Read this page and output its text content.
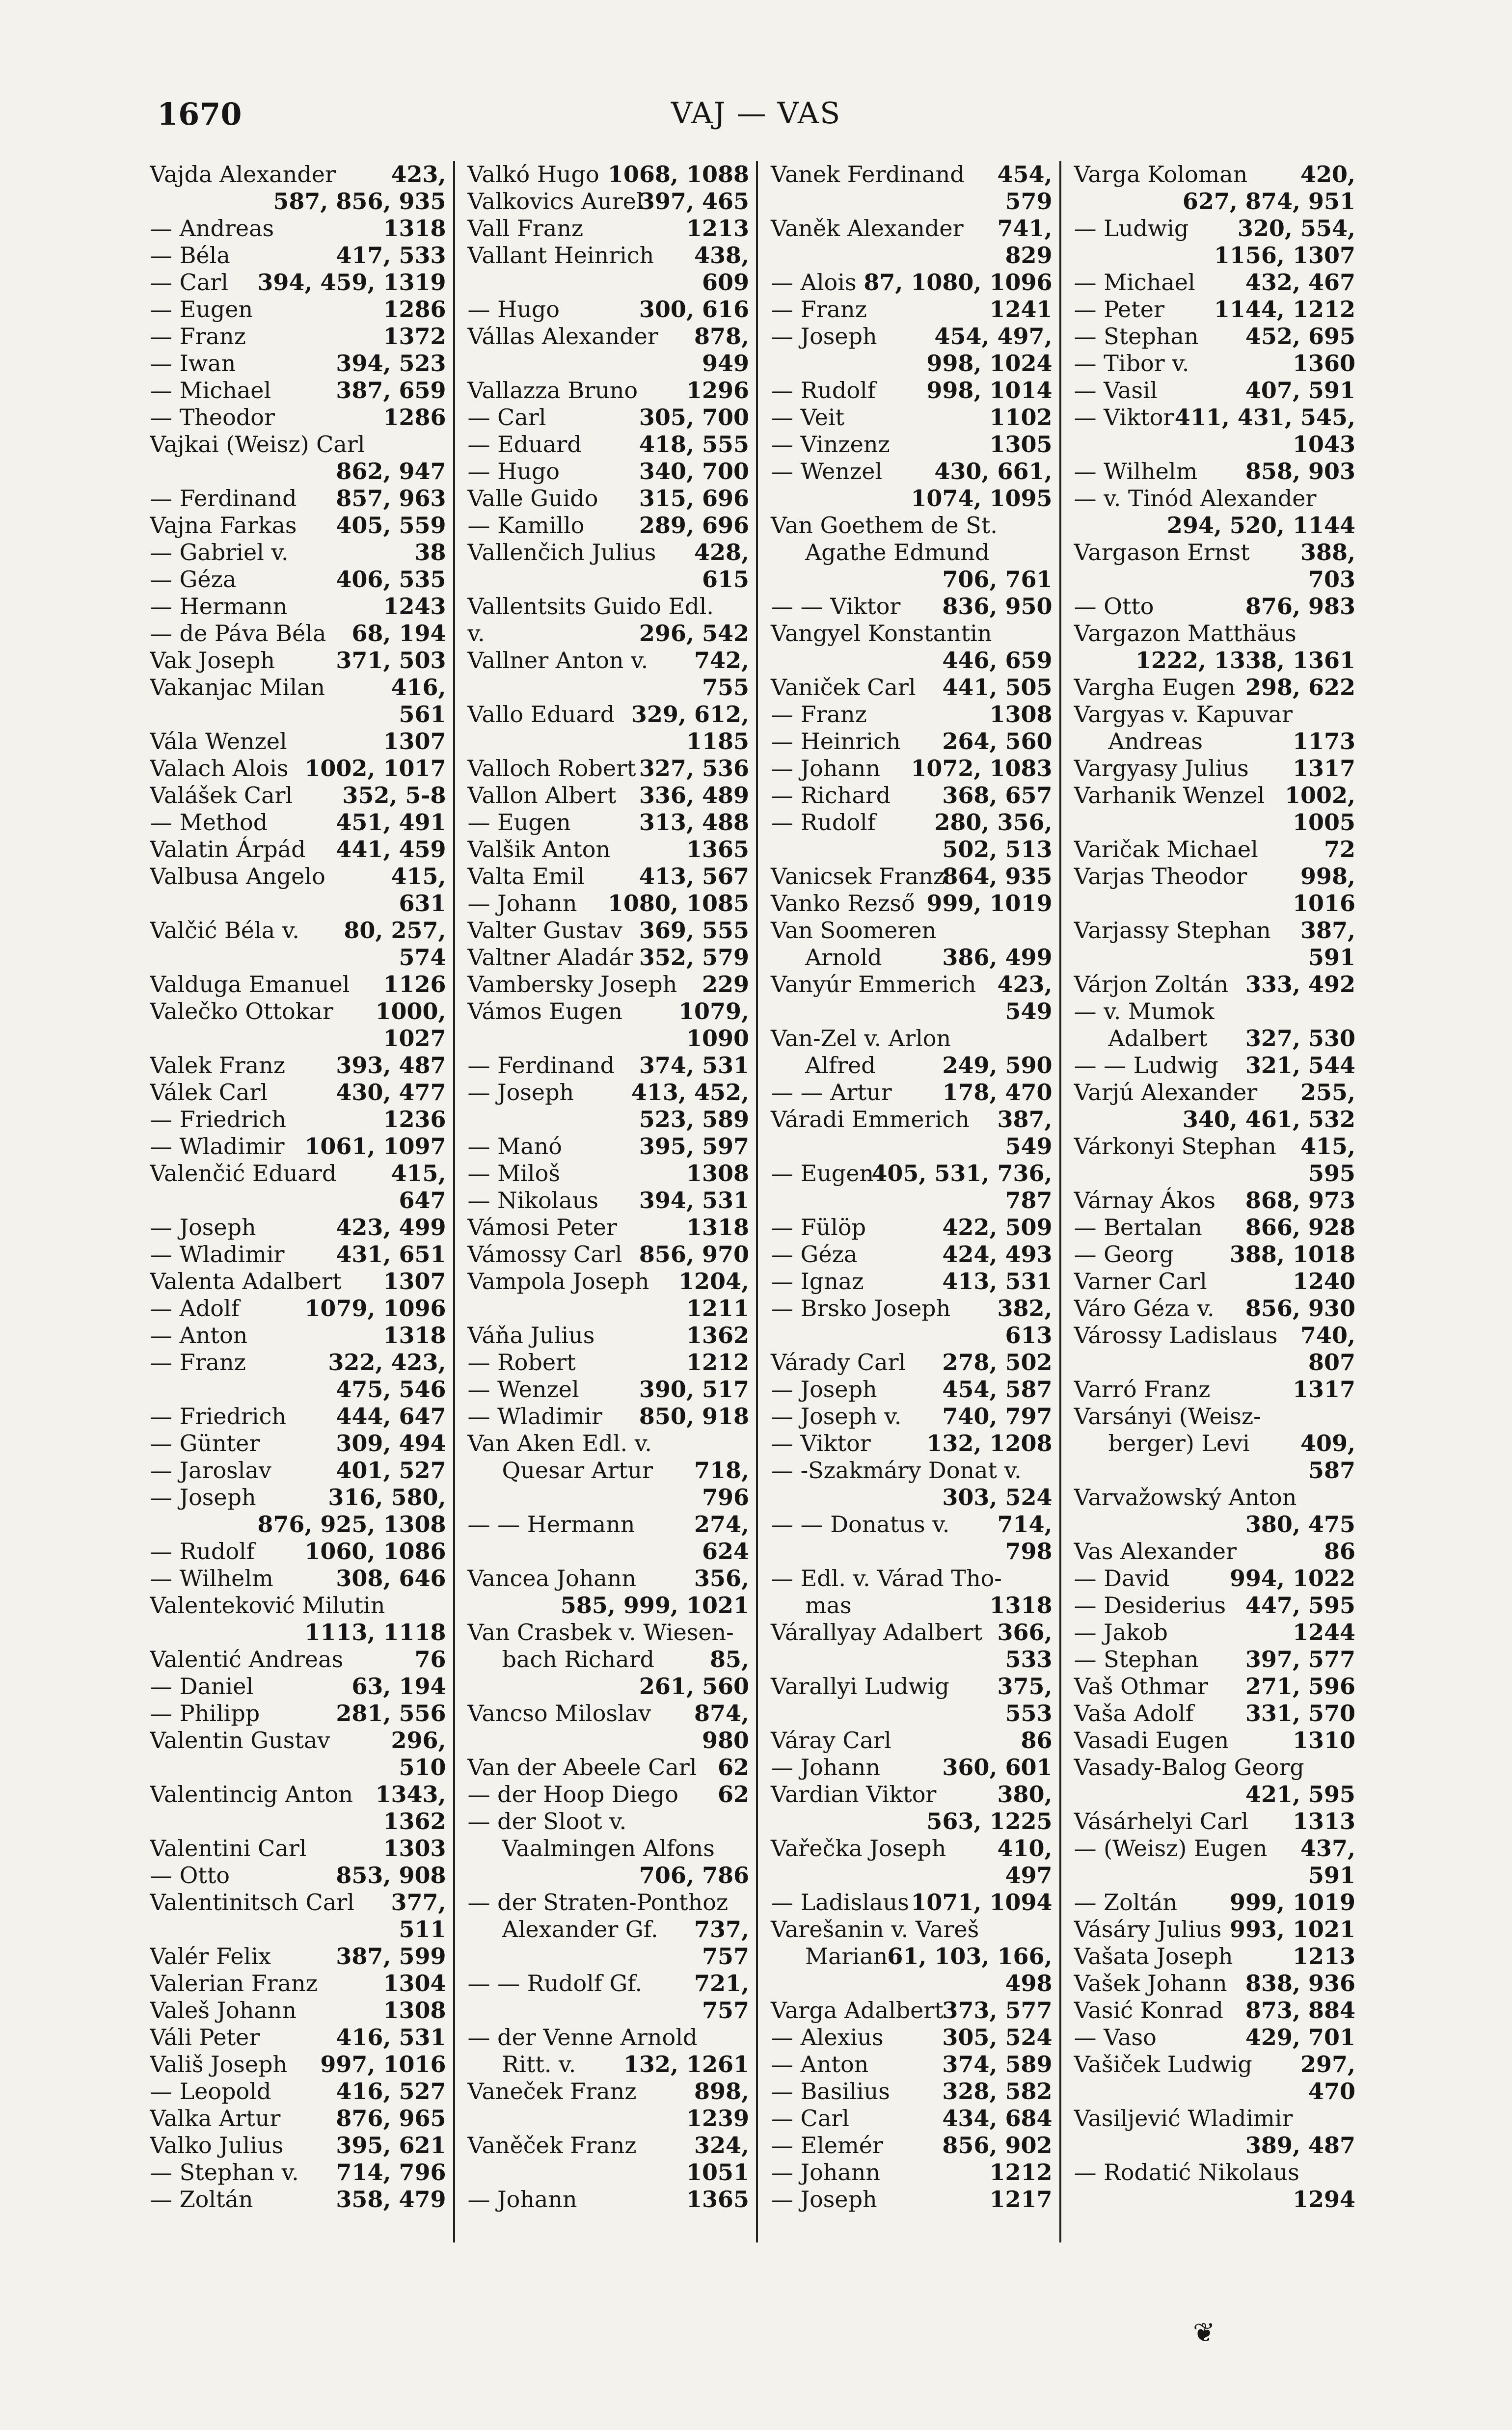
1670	VAJ — VAS
423,
Vajda Alexander
587, 856, 935
1318
— Andreas
417, 533
— Béla
394, 459, 1319
— Carl
1286
— Eugen
1372
— Franz
394, 523
— Iwan
387, 659
— Michael
1286
— Theodor
Vajkai (Weisz) Carl
862, 947
857, 963
— Ferdinand
405, 559
Vajna Farkas
38
— Gabriel v.
406, 535
— Géza
1243
— Hermann
68, 194
— de Páva Béla
371, 503
Vak Joseph
416,
Vakanjac Milan
561
1307
Vála Wenzel
1002, 1017
Valach Alois
352, 5‑8
Valášek Carl
451, 491
— Method
441, 459
Valatin Árpád
415,
Valbusa Angelo
631
80, 257,
Valčić Béla v.
574
1126
Valduga Emanuel
1000,
Valečko Ottokar
1027
393, 487
Valek Franz
430, 477
Válek Carl
1236
— Friedrich
1061, 1097
— Wladimir
415,
Valenčić Eduard
647
423, 499
— Joseph
431, 651
— Wladimir
1307
Valenta Adalbert
1079, 1096
— Adolf
1318
— Anton
322, 423,
— Franz
475, 546
444, 647
— Friedrich
309, 494
— Günter
401, 527
— Jaroslav
316, 580,
— Joseph
876, 925, 1308
1060, 1086
— Rudolf
308, 646
— Wilhelm
Valenteković Milutin
1113, 1118
76
Valentić Andreas
63, 194
— Daniel
281, 556
— Philipp
296,
Valentin Gustav
510
1343,
Valentincig Anton
1362
1303
Valentini Carl
853, 908
— Otto
377,
Valentinitsch Carl
511
387, 599
Valér Felix
1304
Valerian Franz
1308
Valeš Johann
416, 531
Váli Peter
997, 1016
Vališ Joseph
416, 527
— Leopold
876, 965
Valka Artur
395, 621
Valko Julius
714, 796
— Stephan v.
358, 479
— Zoltán
1068, 1088
Valkó Hugo
397, 465
Valkovics Aurel
1213
Vall Franz
438,
Vallant Heinrich
609
300, 616
— Hugo
878,
Vállas Alexander
949
1296
Vallazza Bruno
305, 700
— Carl
418, 555
— Eduard
340, 700
— Hugo
315, 696
Valle Guido
289, 696
— Kamillo
428,
Vallenčich Julius
615
Vallentsits Guido Edl.
296, 542
v.
742,
Vallner Anton v.
755
329, 612,
Vallo Eduard
1185
327, 536
Valloch Robert
336, 489
Vallon Albert
313, 488
— Eugen
1365
Valšik Anton
413, 567
Valta Emil
1080, 1085
— Johann
369, 555
Valter Gustav
352, 579
Valtner Aladár
229
Vambersky Joseph
1079,
Vámos Eugen
1090
374, 531
— Ferdinand
413, 452,
— Joseph
523, 589
395, 597
— Manó
1308
— Miloš
394, 531
— Nikolaus
1318
Vámosi Peter
856, 970
Vámossy Carl
1204,
Vampola Joseph
1211
1362
Váňa Julius
1212
— Robert
390, 517
— Wenzel
850, 918
— Wladimir
Van Aken Edl. v.
718,
Quesar Artur
796
274,
— — Hermann
624
356,
Vancea Johann
585, 999, 1021
Van Crasbek v. Wiesen-
85,
bach Richard
261, 560
874,
Vancso Miloslav
980
62
Van der Abeele Carl
62
— der Hoop Diego
— der Sloot v.
Vaalmingen Alfons
706, 786
— der Straten-Ponthoz
737,
Alexander Gf.
757
721,
— — Rudolf Gf.
757
— der Venne Arnold
132, 1261
Ritt. v.
898,
Vaneček Franz
1239
324,
Vaněček Franz
1051
1365
— Johann
454,
Vanek Ferdinand
579
741,
Vaněk Alexander
829
87, 1080, 1096
— Alois
1241
— Franz
454, 497,
— Joseph
998, 1024
998, 1014
— Rudolf
1102
— Veit
1305
— Vinzenz
430, 661,
— Wenzel
1074, 1095
Van Goethem de St.
Agathe Edmund
706, 761
836, 950
— — Viktor
Vangyel Konstantin
446, 659
441, 505
Vaniček Carl
1308
— Franz
264, 560
— Heinrich
1072, 1083
— Johann
368, 657
— Richard
280, 356,
— Rudolf
502, 513
864, 935
Vanicsek Franz
999, 1019
Vanko Rezső
Van Soomeren
386, 499
Arnold
423,
Vanyúr Emmerich
549
Van-Zel v. Arlon
249, 590
Alfred
178, 470
— — Artur
387,
Váradi Emmerich
549
405, 531, 736,
— Eugen
787
422, 509
— Fülöp
424, 493
— Géza
413, 531
— Ignaz
382,
— Brsko Joseph
613
278, 502
Várady Carl
454, 587
— Joseph
740, 797
— Joseph v.
132, 1208
— Viktor
— -Szakmáry Donat v.
303, 524
714,
— — Donatus v.
798
— Edl. v. Várad Tho-
1318
mas
366,
Várallyay Adalbert
533
375,
Varallyi Ludwig
553
86
Váray Carl
360, 601
— Johann
380,
Vardian Viktor
563, 1225
410,
Vařečka Joseph
497
1071, 1094
— Ladislaus
Varešanin v. Vareš
61, 103, 166,
Marian
498
373, 577
Varga Adalbert
305, 524
— Alexius
374, 589
— Anton
328, 582
— Basilius
434, 684
— Carl
856, 902
— Elemér
1212
— Johann
1217
— Joseph
420,
Varga Koloman
627, 874, 951
320, 554,
— Ludwig
1156, 1307
432, 467
— Michael
1144, 1212
— Peter
452, 695
— Stephan
1360
— Tibor v.
407, 591
— Vasil
411, 431, 545,
— Viktor
1043
858, 903
— Wilhelm
— v. Tinód Alexander
294, 520, 1144
388,
Vargason Ernst
703
876, 983
— Otto
Vargazon Matthäus
1222, 1338, 1361
298, 622
Vargha Eugen
Vargyas v. Kapuvar
1173
Andreas
1317
Vargyasy Julius
1002,
Varhanik Wenzel
1005
72
Varičak Michael
998,
Varjas Theodor
1016
387,
Varjassy Stephan
591
333, 492
Várjon Zoltán
— v. Mumok
327, 530
Adalbert
321, 544
— — Ludwig
255,
Varjú Alexander
340, 461, 532
415,
Várkonyi Stephan
595
868, 973
Várnay Ákos
866, 928
— Bertalan
388, 1018
— Georg
1240
Varner Carl
856, 930
Váro Géza v.
740,
Várossy Ladislaus
807
1317
Varró Franz
Varsányi (Weisz-
409,
berger) Levi
587
Varvažowský Anton
380, 475
86
Vas Alexander
994, 1022
— David
447, 595
— Desiderius
1244
— Jakob
397, 577
— Stephan
271, 596
Vaš Othmar
331, 570
Vaša Adolf
1310
Vasadi Eugen
Vasady-Balog Georg
421, 595
1313
Vásárhelyi Carl
437,
— (Weisz) Eugen
591
999, 1019
— Zoltán
993, 1021
Vásáry Julius
1213
Vašata Joseph
838, 936
Vašek Johann
873, 884
Vasić Konrad
429, 701
— Vaso
297,
Vašiček Ludwig
470
Vasiljević Wladimir
389, 487
— Rodatić Nikolaus
1294
❦
